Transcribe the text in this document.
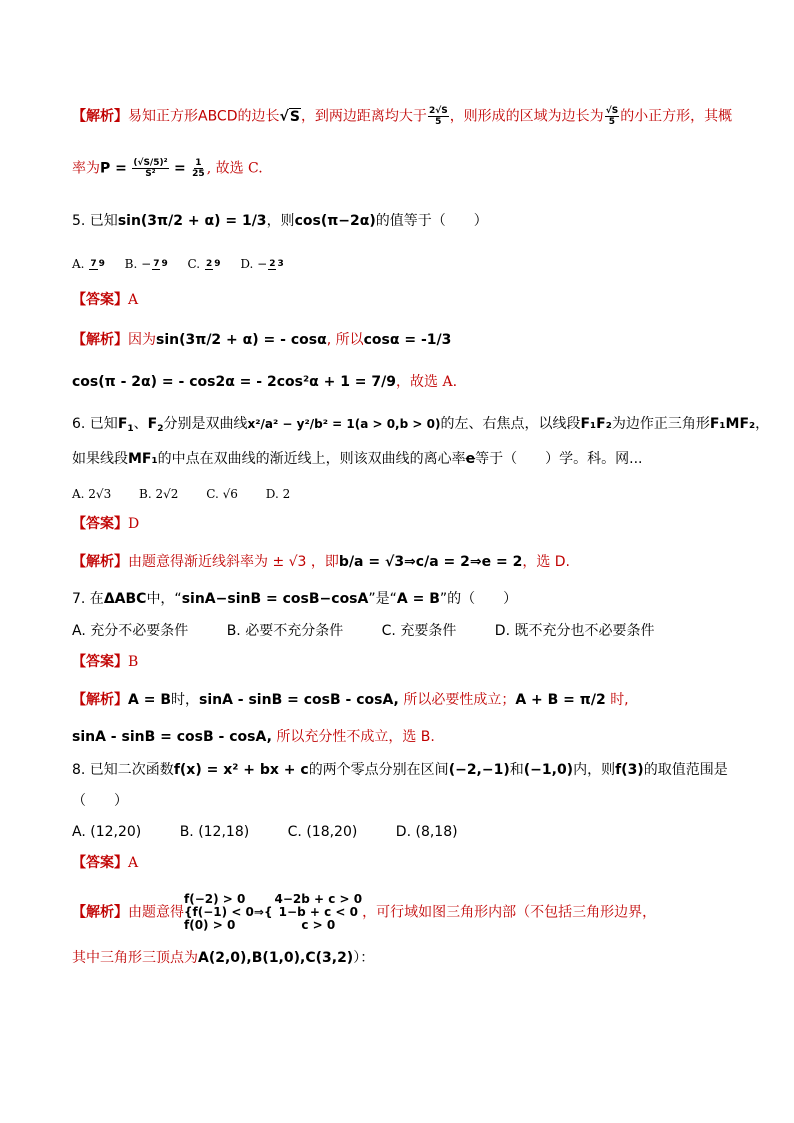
【解析】易知正方形ABCD的边长√S，到两边距离均大于 $\frac{2√S}{5}$ ，则形成的区域为边长为 $\frac{√S}{5}$ 的小正方形，其概
率为$P = \frac{\text{(√S/5)²}}{\text{S²}} = \frac{1}{25}$ , 故选 C.
5. 已知sin(3π/2 + α) = 1/3，则cos(π−2α)的值等于（　　）
A. 7 9 B. − 7 9 C. 2 9 D. − 2 3
【答案】A
【解析】因为sin(3π/2 + α) = - cosα, 所以cosα = -1/3
cos(π - 2α) = - cos2α = - 2cos²α + 1 = 7/9，故选 A.
6. 已知$F_1$、$F_2$分别是双曲线x²/a² − y²/b² = 1(a > 0,b > 0)的左、右焦点，以线段F₁F₂为边作正三角形F₁MF₂，
如果线段MF₁的中点在双曲线的渐近线上，则该双曲线的离心率e等于（　　）学。科。网...
A. 2√3 B. 2√2 C. √6 D. 2
【答案】D
【解析】由题意得渐近线斜率为 ± √3 ，即b/a = √3⇒c/a = 2⇒e = 2，选 D.
7. 在ΔABC中，“sinA−sinB = cosB−cosA”是“A = B”的（　　）
A. 充分不必要条件	B. 必要不充分条件	C. 充要条件	D. 既不充分也不必要条件
【答案】B
【解析】A = B时，sinA - sinB = cosB - cosA, 所以必要性成立；A + B = π/2 时,
sinA - sinB = cosB - cosA, 所以充分性不成立，选 B.
8. 已知二次函数f(x) = x² + bx + c的两个零点分别在区间(−2,−1)和(−1,0)内，则f(3)的取值范围是
（　　）
A. (12,20)	B. (12,18)	C. (18,20)	D. (8,18)
【答案】A
【解析】由题意得
f(−2) > 0
{f(−1) < 0⇒{
f(0) > 0
4−2b + c > 0
1−b + c < 0
c > 0
，可行域如图三角形内部（不包括三角形边界，
其中三角形三顶点为A(2,0),B(1,0),C(3,2)）：
